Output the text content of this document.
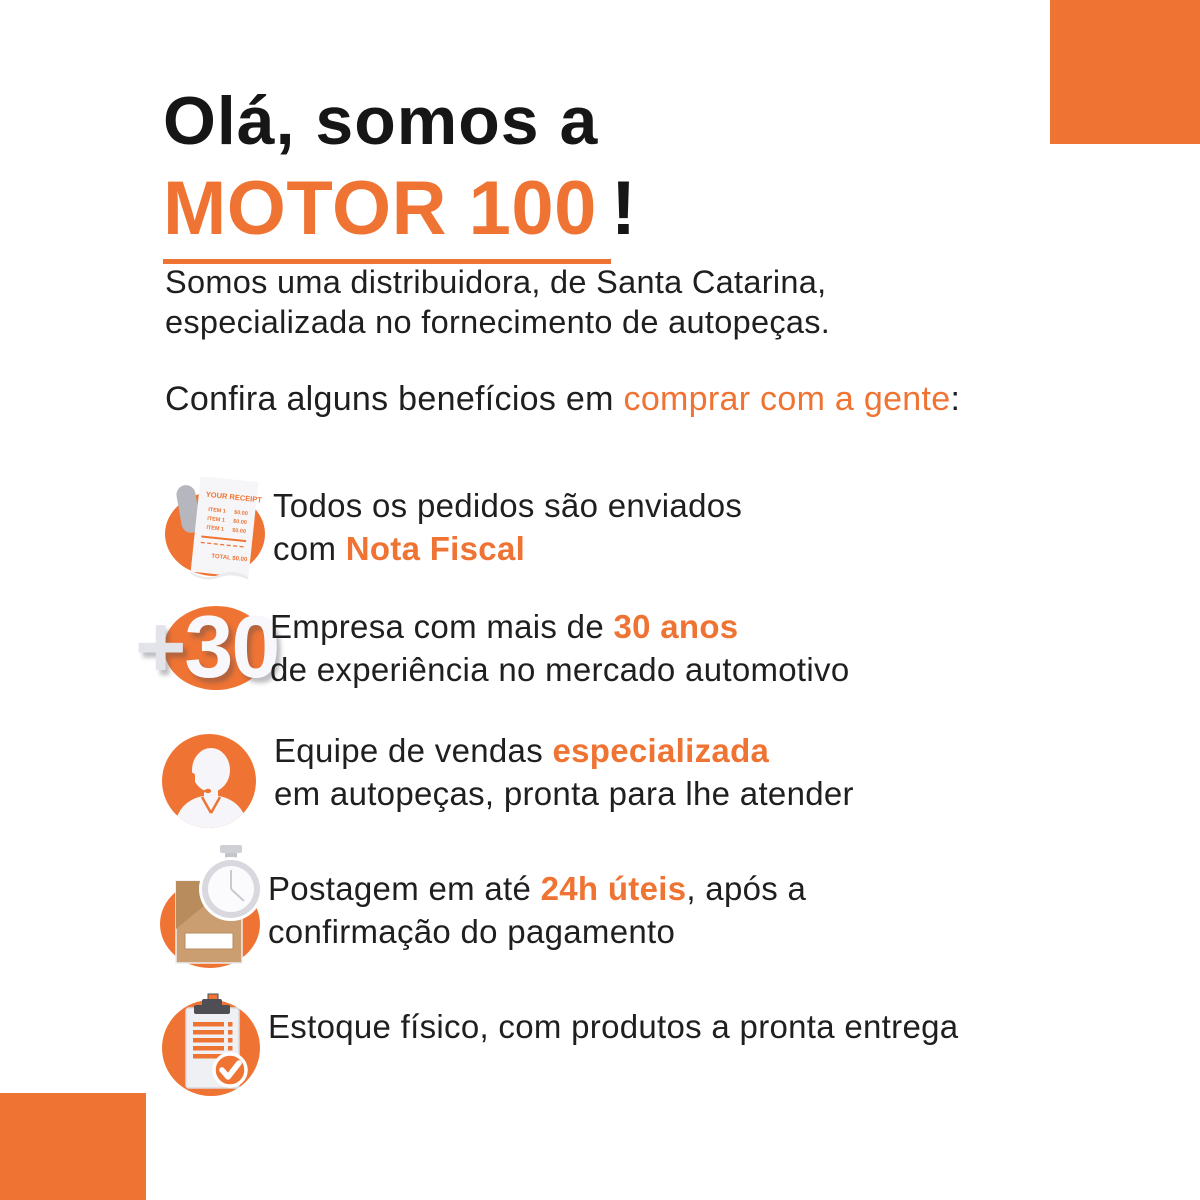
Olá, somos a
MOTOR 100 !

Somos uma distribuidora, de Santa Catarina,
especializada no fornecimento de autopeças.

Confira alguns benefícios em comprar com a gente:

YOUR RECEIPT
ITEM 1 $0.00
ITEM 1 $0.00
ITEM 1 $0.00
TOTAL $0.00
Todos os pedidos são enviados
com Nota Fiscal
+30
Empresa com mais de 30 anos
de experiência no mercado automotivo
Equipe de vendas especializada
em autopeças, pronta para lhe atender
Postagem em até 24h úteis, após a
confirmação do pagamento
Estoque físico, com produtos a pronta entrega
